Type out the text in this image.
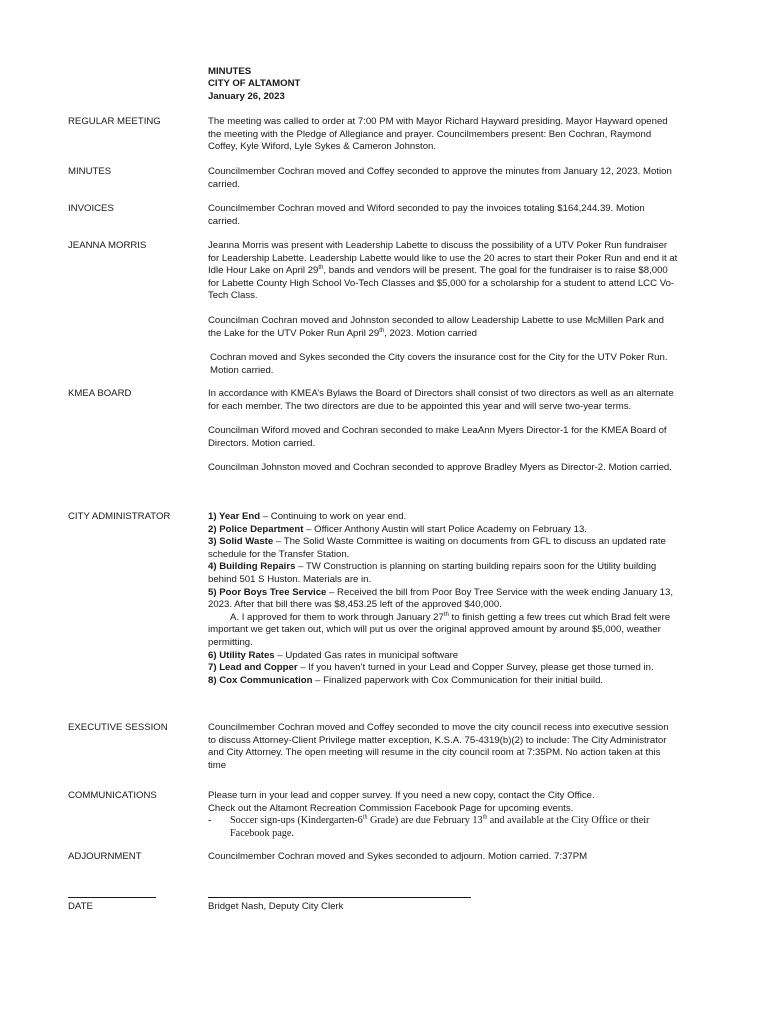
MINUTES
CITY OF ALTAMONT
January 26, 2023
REGULAR MEETING	The meeting was called to order at 7:00 PM with Mayor Richard Hayward presiding. Mayor Hayward opened the meeting with the Pledge of Allegiance and prayer. Councilmembers present: Ben Cochran, Raymond Coffey, Kyle Wiford, Lyle Sykes & Cameron Johnston.

MINUTES	Councilmember Cochran moved and Coffey seconded to approve the minutes from January 12, 2023. Motion carried.

INVOICES	Councilmember Cochran moved and Wiford seconded to pay the invoices totaling $164,244.39. Motion carried.

JEANNA MORRIS	Jeanna Morris was present with Leadership Labette to discuss the possibility of a UTV Poker Run fundraiser for Leadership Labette. Leadership Labette would like to use the 20 acres to start their Poker Run and end it at Idle Hour Lake on April 29th, bands and vendors will be present. The goal for the fundraiser is to raise $8,000 for Labette County High School Vo-Tech Classes and $5,000 for a scholarship for a student to attend LCC Vo-Tech Class.

Councilman Cochran moved and Johnston seconded to allow Leadership Labette to use McMillen Park and the Lake for the UTV Poker Run April 29th, 2023. Motion carried

Cochran moved and Sykes seconded the City covers the insurance cost for the City for the UTV Poker Run. Motion carried.

KMEA BOARD	In accordance with KMEA’s Bylaws the Board of Directors shall consist of two directors as well as an alternate for each member. The two directors are due to be appointed this year and will serve two-year terms.

Councilman Wiford moved and Cochran seconded to make LeaAnn Myers Director-1 for the KMEA Board of Directors. Motion carried.

Councilman Johnston moved and Cochran seconded to approve Bradley Myers as Director-2. Motion carried.

CITY ADMINISTRATOR	1) Year End – Continuing to work on year end.

2) Police Department – Officer Anthony Austin will start Police Academy on February 13.

3) Solid Waste – The Solid Waste Committee is waiting on documents from GFL to discuss an updated rate schedule for the Transfer Station.

4) Building Repairs – TW Construction is planning on starting building repairs soon for the Utility building behind 501 S Huston. Materials are in.

5) Poor Boys Tree Service – Received the bill from Poor Boy Tree Service with the week ending January 13, 2023. After that bill there was $8,453.25 left of the approved $40,000.

A. I approved for them to work through January 27th to finish getting a few trees cut which Brad felt were important we get taken out, which will put us over the original approved amount by around $5,000, weather permitting.

6) Utility Rates – Updated Gas rates in municipal software

7) Lead and Copper – If you haven’t turned in your Lead and Copper Survey, please get those turned in.

8) Cox Communication – Finalized paperwork with Cox Communication for their initial build.

EXECUTIVE SESSION	Councilmember Cochran moved and Coffey seconded to move the city council recess into executive session to discuss Attorney-Client Privilege matter exception, K.S.A. 75-4319(b)(2) to include: The City Administrator and City Attorney. The open meeting will resume in the city council room at 7:35PM. No action taken at this time

COMMUNICATIONS	Please turn in your lead and copper survey. If you need a new copy, contact the City Office.

Check out the Altamont Recreation Commission Facebook Page for upcoming events.

-	Soccer sign-ups (Kindergarten-6th Grade) are due February 13th and available at the City Office or their Facebook page.
ADJOURNMENT	Councilmember Cochran moved and Sykes seconded to adjourn. Motion carried. 7:37PM

DATE	Bridget Nash, Deputy City Clerk
